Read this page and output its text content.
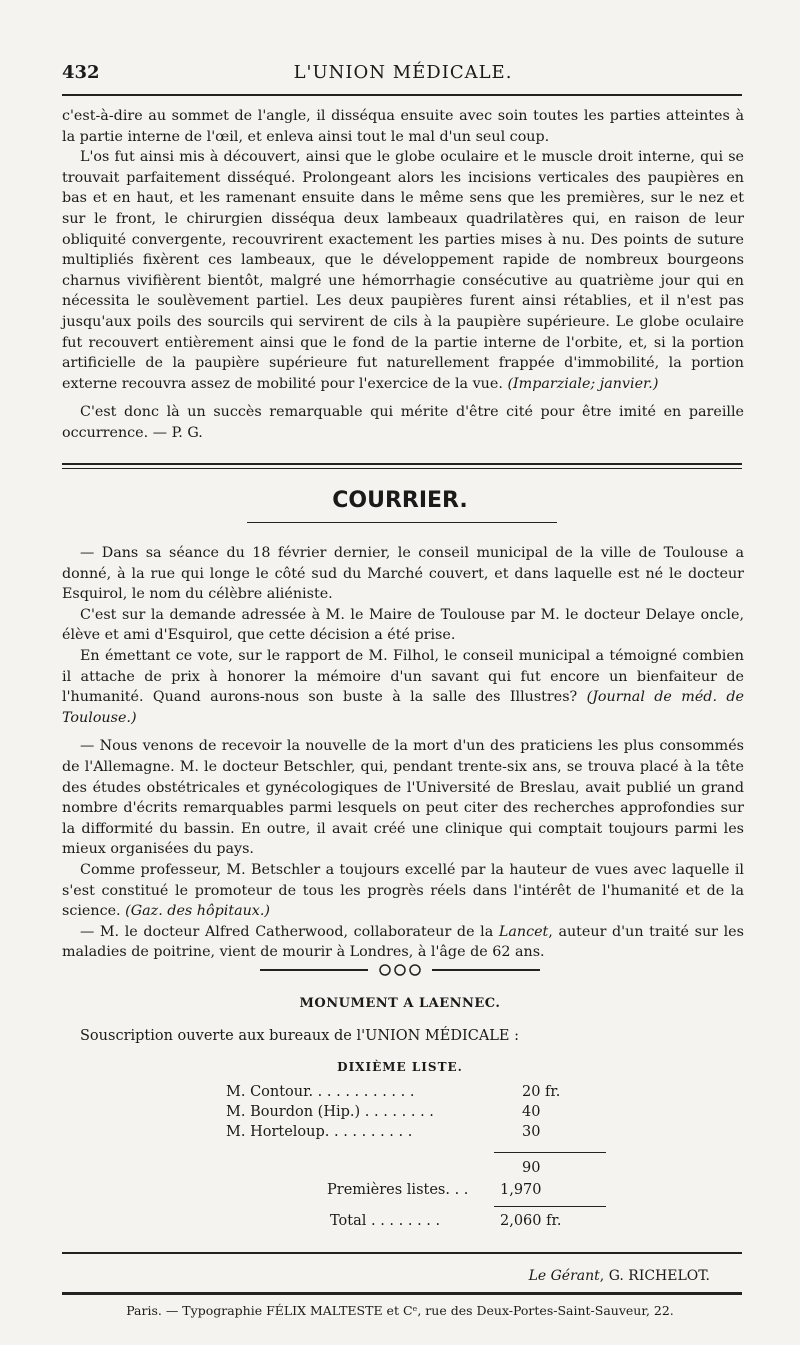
432	L'UNION MÉDICALE.

c'est-à-dire au sommet de l'angle, il disséqua ensuite avec soin toutes les parties atteintes à la partie interne de l'œil, et enleva ainsi tout le mal d'un seul coup.

L'os fut ainsi mis à découvert, ainsi que le globe oculaire et le muscle droit interne, qui se trouvait parfaitement disséqué. Prolongeant alors les incisions verticales des paupières en bas et en haut, et les ramenant ensuite dans le même sens que les premières, sur le nez et sur le front, le chirurgien disséqua deux lambeaux quadrilatères qui, en raison de leur obliquité convergente, recouvrirent exactement les parties mises à nu. Des points de suture multipliés fixèrent ces lambeaux, que le développement rapide de nombreux bourgeons charnus vivifièrent bientôt, malgré une hémorrhagie consécutive au quatrième jour qui en nécessita le soulèvement partiel. Les deux paupières furent ainsi rétablies, et il n'est pas jusqu'aux poils des sourcils qui servirent de cils à la paupière supérieure. Le globe oculaire fut recouvert entièrement ainsi que le fond de la partie interne de l'orbite, et, si la portion artificielle de la paupière supérieure fut naturellement frappée d'immobilité, la portion externe recouvra assez de mobilité pour l'exercice de la vue. (Imparziale; janvier.)

C'est donc là un succès remarquable qui mérite d'être cité pour être imité en pareille occurrence. — P. G.

COURRIER.

— Dans sa séance du 18 février dernier, le conseil municipal de la ville de Toulouse a donné, à la rue qui longe le côté sud du Marché couvert, et dans laquelle est né le docteur Esquirol, le nom du célèbre aliéniste.

C'est sur la demande adressée à M. le Maire de Toulouse par M. le docteur Delaye oncle, élève et ami d'Esquirol, que cette décision a été prise.

En émettant ce vote, sur le rapport de M. Filhol, le conseil municipal a témoigné combien il attache de prix à honorer la mémoire d'un savant qui fut encore un bienfaiteur de l'humanité. Quand aurons-nous son buste à la salle des Illustres? (Journal de méd. de Toulouse.)

— Nous venons de recevoir la nouvelle de la mort d'un des praticiens les plus consommés de l'Allemagne. M. le docteur Betschler, qui, pendant trente-six ans, se trouva placé à la tête des études obstétricales et gynécologiques de l'Université de Breslau, avait publié un grand nombre d'écrits remarquables parmi lesquels on peut citer des recherches approfondies sur la difformité du bassin. En outre, il avait créé une clinique qui comptait toujours parmi les mieux organisées du pays.

Comme professeur, M. Betschler a toujours excellé par la hauteur de vues avec laquelle il s'est constitué le promoteur de tous les progrès réels dans l'intérêt de l'humanité et de la science. (Gaz. des hôpitaux.)

— M. le docteur Alfred Catherwood, collaborateur de la Lancet, auteur d'un traité sur les maladies de poitrine, vient de mourir à Londres, à l'âge de 62 ans.

MONUMENT A LAENNEC.
Souscription ouverte aux bureaux de l'UNION MÉDICALE :
DIXIÈME LISTE.
M. Contour. . . . . . . . . . . .	20 fr.
M. Bourdon (Hip.) . . . . . . . .	40
M. Horteloup. . . . . . . . . .	30
90
Premières listes. . . 1,970
Total . . . . . . . .	2,060 fr.
Le Gérant, G. RICHELOT.
Paris. — Typographie FÉLIX MALTESTE et Cᵉ, rue des Deux-Portes-Saint-Sauveur, 22.
